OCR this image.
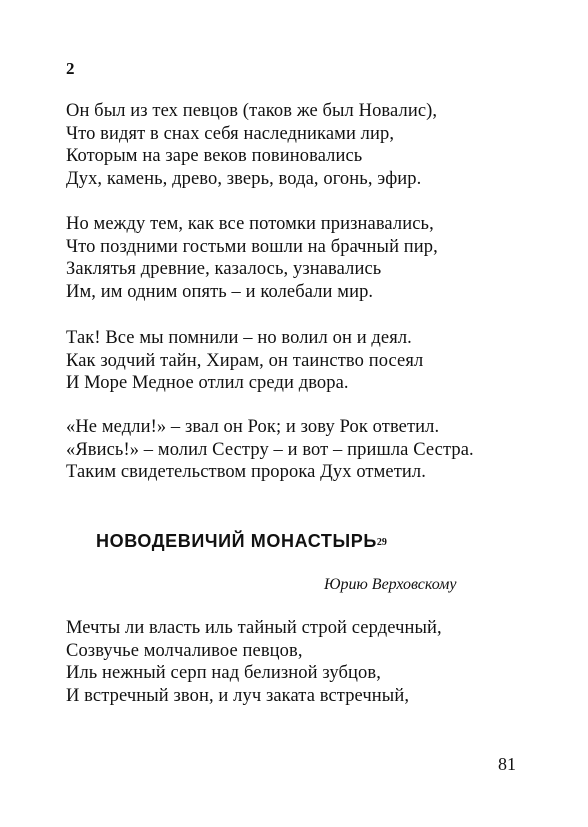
2
Он был из тех певцов (таков же был Новалис),
Что видят в снах себя наследниками лир,
Которым на заре веков повиновались
Дух, камень, древо, зверь, вода, огонь, эфир.
Но между тем, как все потомки признавались,
Что поздними гостьми вошли на брачный пир,
Заклятья древние, казалось, узнавались
Им, им одним опять – и колебали мир.
Так! Все мы помнили – но волил он и деял.
Как зодчий тайн, Хирам, он таинство посеял
И Море Медное отлил среди двора.
«Не медли!» – звал он Рок; и зову Рок ответил.
«Явись!» – молил Сестру – и вот – пришла Сестра.
Таким свидетельством пророка Дух отметил.
НОВОДЕВИЧИЙ МОНАСТЫРЬ$^{29}$
Юрию Верховскому
Мечты ли власть иль тайный строй сердечный,
Созвучье молчаливое певцов,
Иль нежный серп над белизной зубцов,
И встречный звон, и луч заката встречный,
81
